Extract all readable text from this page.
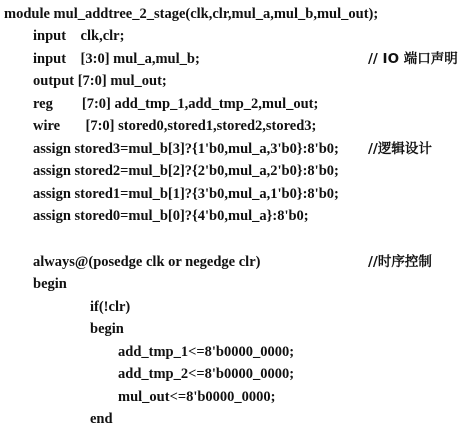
module mul_addtree_2_stage(clk,clr,mul_a,mul_b,mul_out);
input    clk,clr;
input    [3:0] mul_a,mul_b;	// IO 端口声明
output [7:0] mul_out;
reg        [7:0] add_tmp_1,add_tmp_2,mul_out;
wire       [7:0] stored0,stored1,stored2,stored3;
assign stored3=mul_b[3]?{1'b0,mul_a,3'b0}:8'b0; //逻辑设计
assign stored2=mul_b[2]?{2'b0,mul_a,2'b0}:8'b0;
assign stored1=mul_b[1]?{3'b0,mul_a,1'b0}:8'b0;
assign stored0=mul_b[0]?{4'b0,mul_a}:8'b0;
always@(posedge clk or negedge clr)	//时序控制
begin
if(!clr)
begin
add_tmp_1<=8'b0000_0000;
add_tmp_2<=8'b0000_0000;
mul_out<=8'b0000_0000;
end
